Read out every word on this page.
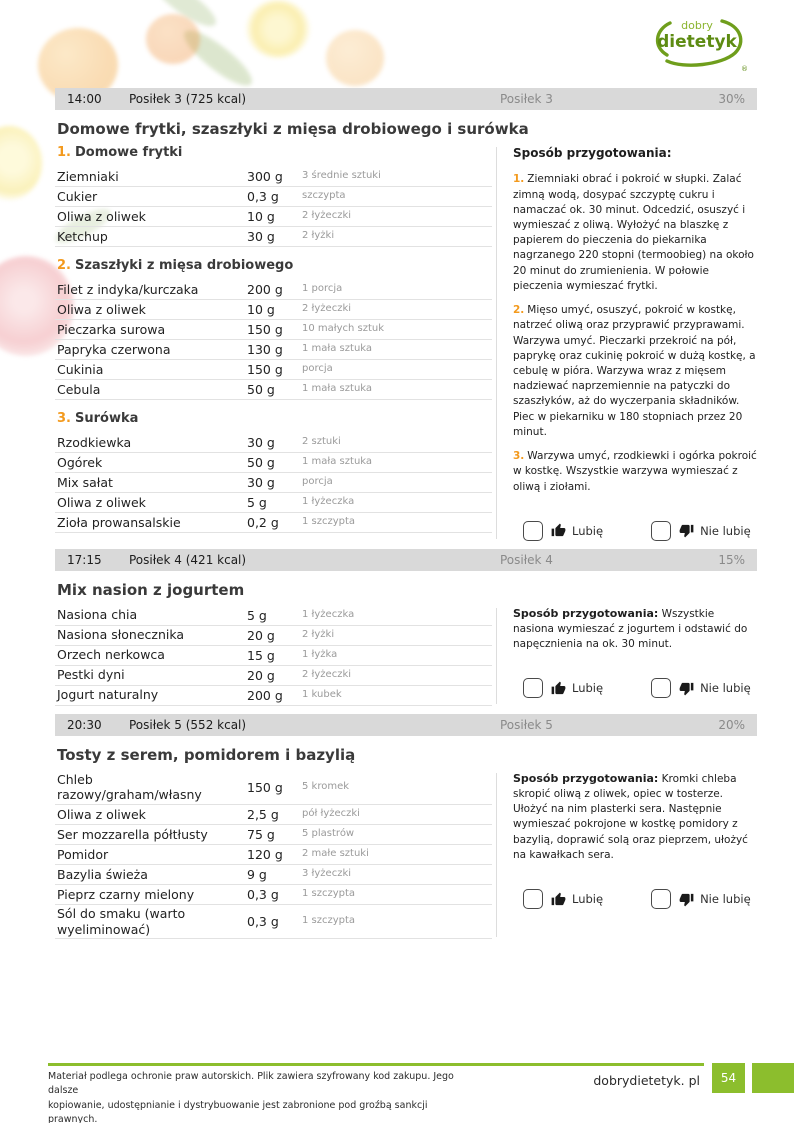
dobry
dietetyk
®
14:00	Posiłek 3 (725 kcal)	Posiłek 3	30%
Domowe frytki, szaszłyki z mięsa drobiowego i surówka
1. Domowe frytki
Ziemniaki	300 g	3 średnie sztuki
Cukier	0,3 g	szczypta
Oliwa z oliwek	10 g	2 łyżeczki
Ketchup	30 g	2 łyżki
2. Szaszłyki z mięsa drobiowego
Filet z indyka/kurczaka	200 g	1 porcja
Oliwa z oliwek	10 g	2 łyżeczki
Pieczarka surowa	150 g	10 małych sztuk
Papryka czerwona	130 g	1 mała sztuka
Cukinia	150 g	porcja
Cebula	50 g	1 mała sztuka
3. Surówka
Rzodkiewka	30 g	2 sztuki
Ogórek	50 g	1 mała sztuka
Mix sałat	30 g	porcja
Oliwa z oliwek	5 g	1 łyżeczka
Zioła prowansalskie	0,2 g	1 szczypta
Sposób przygotowania:

1. Ziemniaki obrać i pokroić w słupki. Zalać zimną wodą, dosypać szczyptę cukru i namaczać ok. 30 minut. Odcedzić, osuszyć i wymieszać z oliwą. Wyłożyć na blaszkę z papierem do pieczenia do piekarnika nagrzanego 220 stopni (termoobieg) na około 20 minut do zrumienienia. W połowie pieczenia wymieszać frytki.

2. Mięso umyć, osuszyć, pokroić w kostkę, natrzeć oliwą oraz przyprawić przyprawami. Warzywa umyć. Pieczarki przekroić na pół, paprykę oraz cukinię pokroić w dużą kostkę, a cebulę w pióra. Warzywa wraz z mięsem nadziewać naprzemiennie na patyczki do szaszłyków, aż do wyczerpania składników. Piec w piekarniku w 180 stopniach przez 20 minut.

3. Warzywa umyć, rzodkiewki i ogórka pokroić w kostkę. Wszystkie warzywa wymieszać z oliwą i ziołami.

Lubię	Nie lubię
17:15	Posiłek 4 (421 kcal)	Posiłek 4	15%
Mix nasion z jogurtem
Nasiona chia	5 g	1 łyżeczka
Nasiona słonecznika	20 g	2 łyżki
Orzech nerkowca	15 g	1 łyżka
Pestki dyni	20 g	2 łyżeczki
Jogurt naturalny	200 g	1 kubek

Sposób przygotowania: Wszystkie nasiona wymieszać z jogurtem i odstawić do napęcznienia na ok. 30 minut.

Lubię	Nie lubię
20:30	Posiłek 5 (552 kcal)	Posiłek 5	20%
Tosty z serem, pomidorem i bazylią
Chleb razowy/graham/własny	150 g	5 kromek
Oliwa z oliwek	2,5 g	pół łyżeczki
Ser mozzarella półtłusty	75 g	5 plastrów
Pomidor	120 g	2 małe sztuki
Bazylia świeża	9 g	3 łyżeczki
Pieprz czarny mielony	0,3 g	1 szczypta
Sól do smaku (warto wyeliminować)	0,3 g	1 szczypta

Sposób przygotowania: Kromki chleba skropić oliwą z oliwek, opiec w tosterze. Ułożyć na nim plasterki sera. Następnie wymieszać pokrojone w kostkę pomidory z bazylią, doprawić solą oraz pieprzem, ułożyć na kawałkach sera.

Lubię	Nie lubię
Materiał podlega ochronie praw autorskich. Plik zawiera szyfrowany kod zakupu. Jego dalsze
kopiowanie, udostępnianie i dystrybuowanie jest zabronione pod groźbą sankcji prawnych.
dobrydietetyk. pl	54
